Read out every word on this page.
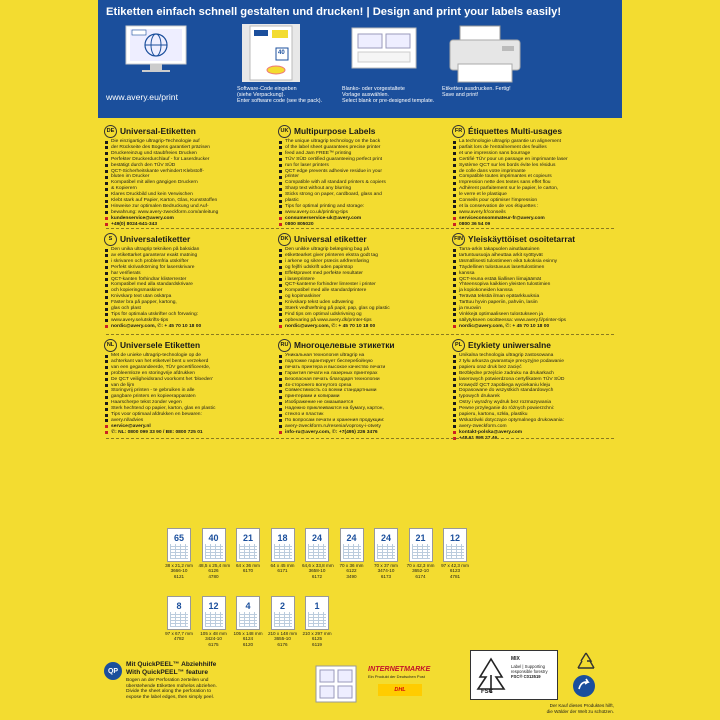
Etiketten einfach schnell gestalten und drucken! | Design and print your labels easily!
www.avery.eu/print
40
Software-Code eingeben
(siehe Verpackung).
Enter software code (see the pack).
Blanko- oder vorgestaltete
Vorlage auswählen.
Select blank or pre-designed template.
Etiketten ausdrucken. Fertig!
Save and print!
DE Universal-Etiketten
Die einzigartige ultragrip-Technologie auf
der Rückseite des Bogens garantiert präzisen
Druckereinzug und staubfreies Drucken
Perfekter Druckerdurchlauf - für Laserdrucker
bestätigt durch den TÜV SÜD
QCT-Sicherheitskante verhindert Klebstoff-
bluten im Drucker
Kompatibel mit allen gängigen Druckern
& Kopierern
Klares Druckbild und kein Verwischen
Klebt stark auf Papier, Karton, Glas, Kunststoffen
Hinweise zur optimalen Bedruckung und Auf-
bewahrung: www.avery-zweckform.com/anleitung
kundenservice@avery.com
+49(0) 8024-641-343
UK Multipurpose Labels
The unique ultragrip technology on the back
of the label sheet guarantees precise printer
feed and Jam FREE™ printing
TÜV SÜD certified guaranteeing perfect print
run for laser printers
QCT edge prevents adhesive residue in your
printer
Compatible with all standard printers & copiers
Sharp text without any blurring
Sticks strong on paper, cardboard, glass and
plastic
Tips for optimal printing and storage:
www.avery.co.uk/printing-tips
consumerservice-uk@avery.com
0800 805020
FR Étiquettes Multi-usages
La technologie ultragrip garantie un alignement
parfait lors de l'entraînement des feuilles
et une impression sans bourrage
Certifié TÜV pour un passage en imprimante laser
Système QCT sur les bords évite les résidus
de colle dans votre imprimante
Compatible toutes imprimantes et copieurs
Impression nette des textes sans effet flou
Adhèrent parfaitement sur le papier, le carton,
le verre et le plastique
Conseils pour optimiser l'impression
et la conservation de vos étiquettes :
www.avery.fr/conseils
serviceconsommateur-fr@avery.com
0800 36 54 09
S Universaletiketter
Den unika ultragrip tekniken på baksidan
av etikettarket garanterar exakt matning
i skrivaren och problemfria utskrifter
Perfekt skrivarkörning för laserskrivare
har verifierats
QCT-kanten förhindrar klisterrester
Kompatibel med alla standardskrivare
och kopieringsmaskiner
Knivskarp text utan oskärpa
Fäster bra på papper, kartong,
glas och plast
Tips för optimala utskrifter och förvaring:
www.avery.se/utskrifts-tips
nordic@avery.com, ✆: + 45 70 10 18 00
DK Universal etiketter
Den unikke ultragrip belægning bag på
etikettearket giver printeren ekstra godt tag
i arkene og sikrer præcis arkfremføring
og fejlfri udskrift uden papirstop
Effektprøvet med perfekte resultater
i laserprintere
QCT-kanterne forhindrer limrester i printer
Kompatibel med alle standardprintere
og kopimaskiner
Knivskarp tekst uden udtværing
Stærk vedhæftning på papir, pap, glas og plastic
Find tips om optimal udskrivning og
opbevaring på www.avery.dk/printer-tips
nordic@avery.com, ✆: + 45 70 10 18 00
FIN Yleiskäyttöiset osoitetarrat
Tarra-arkin takapuolen ainutlaatuinen
tartuntuusuoja aiheuttaa arkit syöttyvät
täsmällisesti tulostimeen eikä tukoksia esinny
Täydellinen tulostuvuus lasertulostimen
kanssa
QCT-reuna estää liiallisen liimajäämät
Yhteensopiva kaikkien yleisten tulostimien
ja kopiokoneiden kanssa
Terävää tekstiä ilman epätarkkuuksia
Tarttuu hyvin paperiin, pahviin, lasiin
ja muoviin
Vinkkejä optimaaliseen tulostukseen ja
säilytykseen osoitteessa: www.avery.fi/printer-tips
nordic@avery.com, ✆: + 45 70 10 18 00
NL Universele Etiketten
Met de unieke ultragrip-technologie op de
achterkant van het etiketvel bent u verzekerd
van een gegarandeerde, TÜV gecertificeerde,
probleemloze en storingvrije afdrukken
De QCT veiligheidsrand voorkomt het 'bloeden'
van de lijm
Storingvrij printen - te gebruiken in alle
gangbare printers en kopieerapparaten
Haarscherpe tekst zonder vegen
Sterk hechtend op papier, karton, glas en plastic
Tips voor optimaal afdrukken en bewaren:
avery.nl/advies
service@avery.nl
✆: NL: 0800 099 33 90 / BE: 0800 725 01
RU Многоцелевые этикетки
Уникальная технология ultragrip на
подложке гарантирует бесперебойную
печать принтера и высокое качество печати
Гарантия печати на лазерных принтерах
Безопасная печать благодаря технологии
4х-сторонего вогнутого среза
Совместимость со всеми стандартными
принтерами и копирами
Изображение не смазывается
Надежно приклеиваются на бумагу, картон,
стекло и пластик
По вопросам печати и хранения продукции:
avery-zweckform.ru/resenia/voprosy-i-otvety
info-ru@avery.com, ✆: +7(495) 226 3476
PL Etykiety uniwersalne
Unikalna technologia ultragrip zastosowana
z tyłu arkusza gwarantuje precyzyjne podawanie
papieru oraz druk bez zacięć
Bezbłędne przejście zadruku na drukarkach
laserowych potwierdzona certyfikatem TÜV SÜD
Krawędź QCT zapobiega wyciekaniu kleju
Dopasowane do wszystkich standardowych
typowych drukarek
Ostry i wyraźny wydruk bez rozmazywania
Pewne przyleganie do różnych powierzchni:
papieru, kartonu, szkła, plastiku
Wskazówki dotyczące optymalnego drukowania:
avery-zweckform.com
kontakt-polska@avery.com
+48 61 898 27 46
65
38 x 21,2 mm
3666-10
6121
40
48,5 x 25,4 mm
6126
4780
21
64 x 36 mm
6170
18
64 x 45 mm
6171
24
64,6 x 33,8 mm
3658-10
6172
24
70 x 36 mm
6122
3490
24
70 x 37 mm
3474-10
6173
21
70 x 42,3 mm
3652-10
6174
12
97 x 42,3 mm
6123
4781
8
97 x 67,7 mm
4782
12
105 x 48 mm
3424-10
6175
4
105 x 148 mm
6124
6120
2
210 x 148 mm
3655-10
6176
1
210 x 297 mm
6125
6119
QP
Mit QuickPEEL™ Abziehhilfe
With QuickPEEL™ feature
Bogen an der Perforation zerteilen und
überstehende Etiketten mühelos abziehen.
Divide the sheet along the perforation to
expose the label edges, then simply peel.
INTERNETMARKE
Ein Produkt der Deutschen Post
DHL	FSC
MIX
Label | Supporting
responsible forestry
FSC® C013519
Der Kauf dieses Produktes hilft,
die Wälder der Welt zu schützen.
